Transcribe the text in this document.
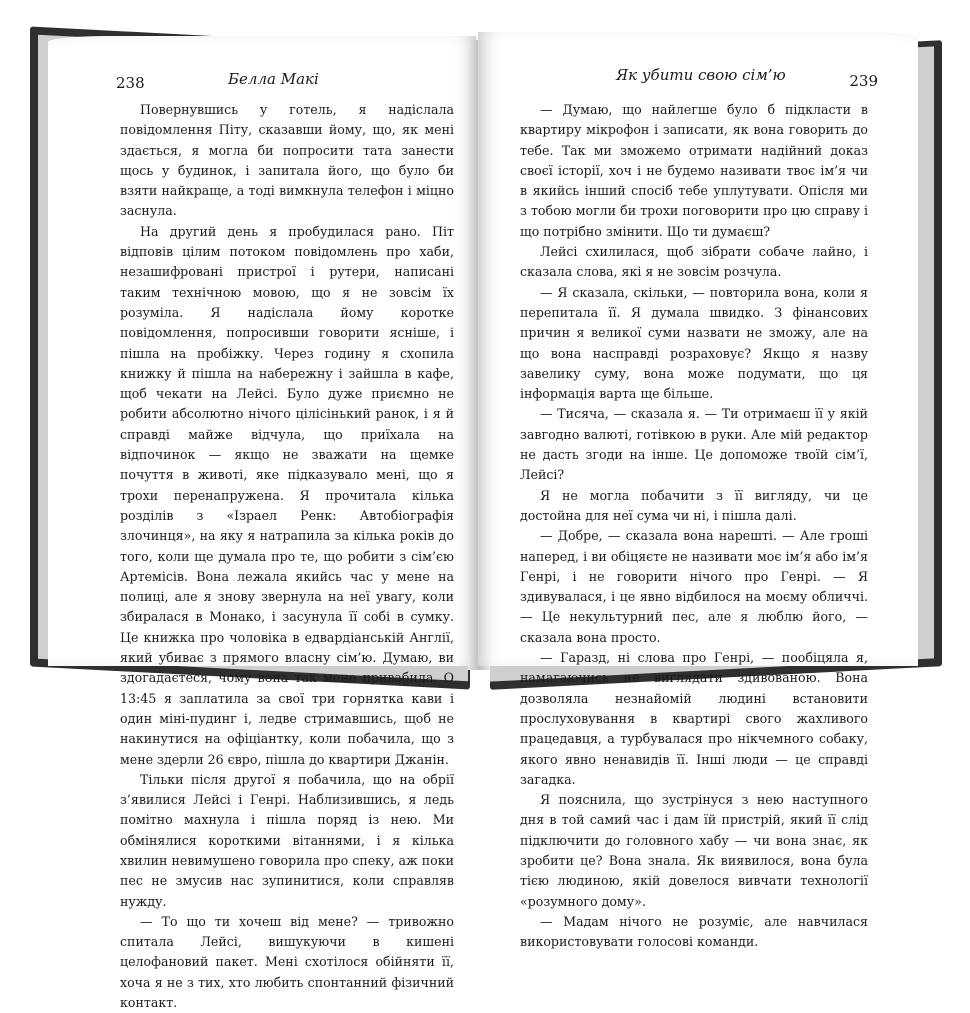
238	Белла Макі

Повернувшись у готель, я надіслала повідомлення Піту, сказавши йому, що, як мені здається, я могла би попросити тата занести щось у будинок, і запитала його, що було би взяти найкраще, а тоді вимкнула телефон і міцно заснула.

На другий день я пробудилася рано. Піт відповів цілим потоком повідомлень про хаби, незашифровані пристрої і рутери, написані таким технічною мовою, що я не зовсім їх розуміла. Я надіслала йому коротке повідомлення, попросивши говорити ясніше, і пішла на пробіжку. Через годину я схопила книжку й пішла на набережну і зайшла в кафе, щоб чекати на Лейсі. Було дуже приємно не робити абсолютно нічого цілісінький ранок, і я й справді майже відчула, що приїхала на відпочинок — якщо не зважати на щемке почуття в животі, яке підказувало мені, що я трохи перенапружена. Я прочитала кілька розділів з «Ізраел Ренк: Автобіографія злочинця», на яку я натрапила за кілька років до того, коли ще думала про те, що робити з сім’єю Артемісів. Вона лежала якийсь час у мене на полиці, але я знову звернула на неї увагу, коли збиралася в Монако, і засунула її собі в сумку. Це книжка про чоловіка в едвардіанській Англії, який убиває з прямого власну сім’ю. Думаю, ви здогадаєтеся, чому вона так мене привабила. О 13:45 я заплатила за свої три горнятка кави і один міні-пудинг і, ледве стримавшись, щоб не накинутися на офіціантку, коли побачила, що з мене здерли 26 євро, пішла до квартири Джанін.

Тільки після другої я побачила, що на обрії з’явилися Лейсі і Генрі. Наблизившись, я ледь помітно махнула і пішла поряд із нею. Ми обмінялися короткими вітаннями, і я кілька хвилин невимушено говорила про спеку, аж поки пес не змусив нас зупинитися, коли справляв нужду.

— То що ти хочеш від мене? — тривожно спитала Лейсі, вишукуючи в кишені целофановий пакет. Мені схотілося обійняти її, хоча я не з тих, хто любить спонтанний фізичний контакт.

Як убити свою сім’ю	239

— Думаю, що найлегше було б підкласти в квартиру мікрофон і записати, як вона говорить до тебе. Так ми зможемо отримати надійний доказ своєї історії, хоч і не будемо називати твоє ім’я чи в якийсь інший спосіб тебе уплутувати. Опісля ми з тобою могли би трохи поговорити про цю справу і що потрібно змінити. Що ти думаєш?

Лейсі схилилася, щоб зібрати собаче лайно, і сказала слова, які я не зовсім розчула.

— Я сказала, скільки, — повторила вона, коли я перепитала її. Я думала швидко. З фінансових причин я великої суми назвати не зможу, але на що вона насправді розраховує? Якщо я назву завелику суму, вона може подумати, що ця інформація варта ще більше.

— Тисяча, — сказала я. — Ти отримаєш її у якій завгодно валюті, готівкою в руки. Але мій редактор не дасть згоди на інше. Це допоможе твоїй сім’ї, Лейсі?

Я не могла побачити з її вигляду, чи це достойна для неї сума чи ні, і пішла далі.

— Добре, — сказала вона нарешті. — Але гроші наперед, і ви обіцяєте не називати моє ім’я або ім’я Генрі, і не говорити нічого про Генрі. — Я здивувалася, і це явно відбилося на моєму обличчі. — Це некультурний пес, але я люблю його, — сказала вона просто.

— Гаразд, ні слова про Генрі, — пообіцяла я, намагаючись не виглядати здивованою. Вона дозволяла незнайомій людині встановити прослуховування в квартирі свого жахливого працедавця, а турбувалася про нікчемного собаку, якого явно ненавидів її. Інші люди — це справді загадка.

Я пояснила, що зустрінуся з нею наступного дня в той самий час і дам їй пристрій, який її слід підключити до головного хабу — чи вона знає, як зробити це? Вона знала. Як виявилося, вона була тією людиною, якій довелося вивчати технології «розумного дому».

— Мадам нічого не розуміє, але навчилася використовувати голосові команди.
